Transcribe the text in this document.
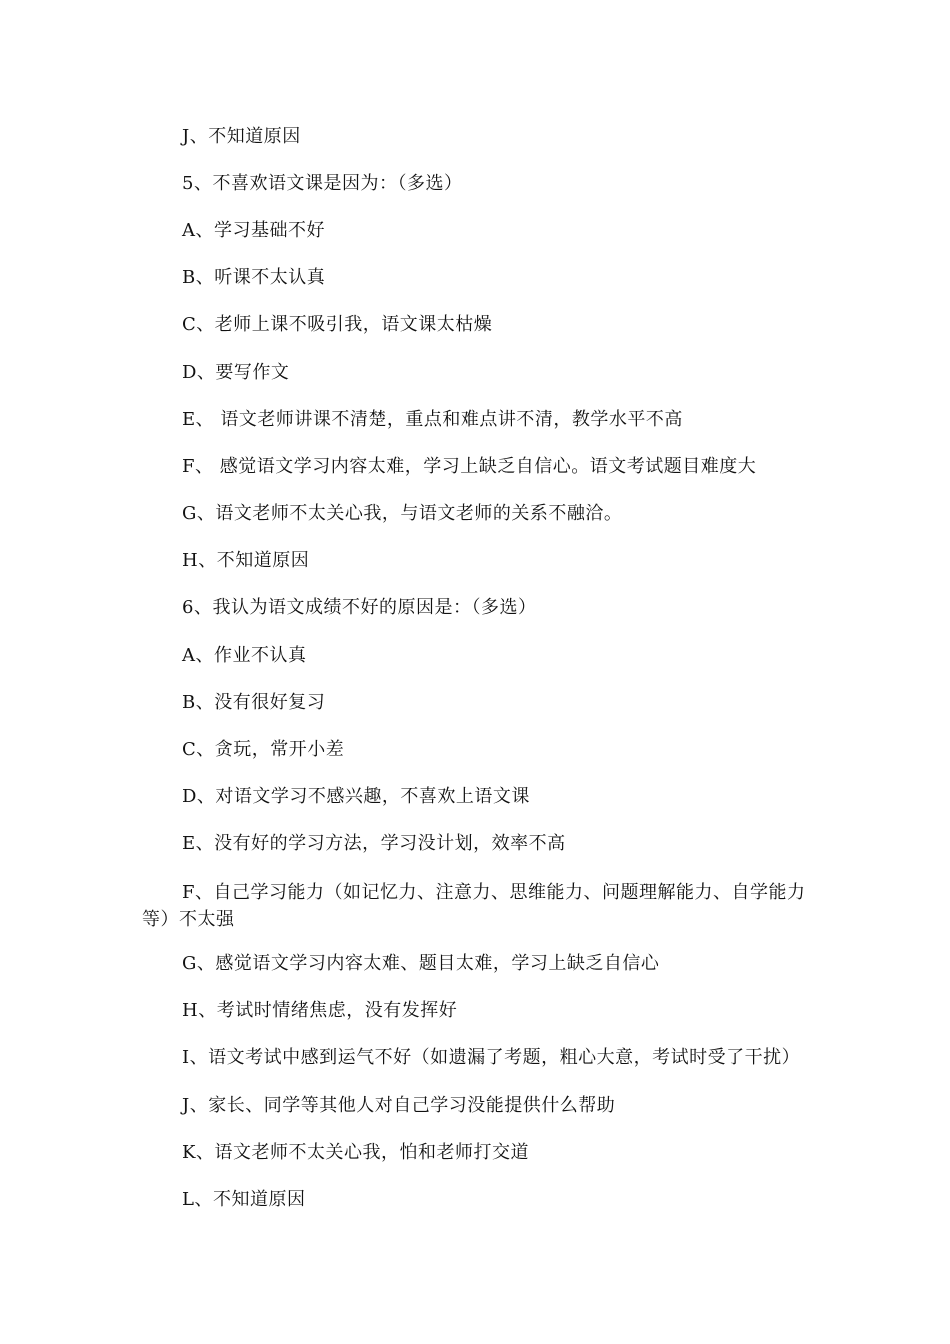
J、不知道原因
5、不喜欢语文课是因为：（多选）
A、学习基础不好
B、听课不太认真
C、老师上课不吸引我，语文课太枯燥
D、要写作文
E、 语文老师讲课不清楚，重点和难点讲不清，教学水平不高
F、 感觉语文学习内容太难，学习上缺乏自信心。语文考试题目难度大
G、语文老师不太关心我，与语文老师的关系不融洽。
H、不知道原因
6、我认为语文成绩不好的原因是：（多选）
A、作业不认真
B、没有很好复习
C、贪玩，常开小差
D、对语文学习不感兴趣，不喜欢上语文课
E、没有好的学习方法，学习没计划，效率不高
F、自己学习能力（如记忆力、注意力、思维能力、问题理解能力、自学能力
等）不太强
G、感觉语文学习内容太难、题目太难，学习上缺乏自信心
H、考试时情绪焦虑，没有发挥好
I、语文考试中感到运气不好（如遗漏了考题，粗心大意，考试时受了干扰）
J、家长、同学等其他人对自己学习没能提供什么帮助
K、语文老师不太关心我，怕和老师打交道
L、不知道原因
